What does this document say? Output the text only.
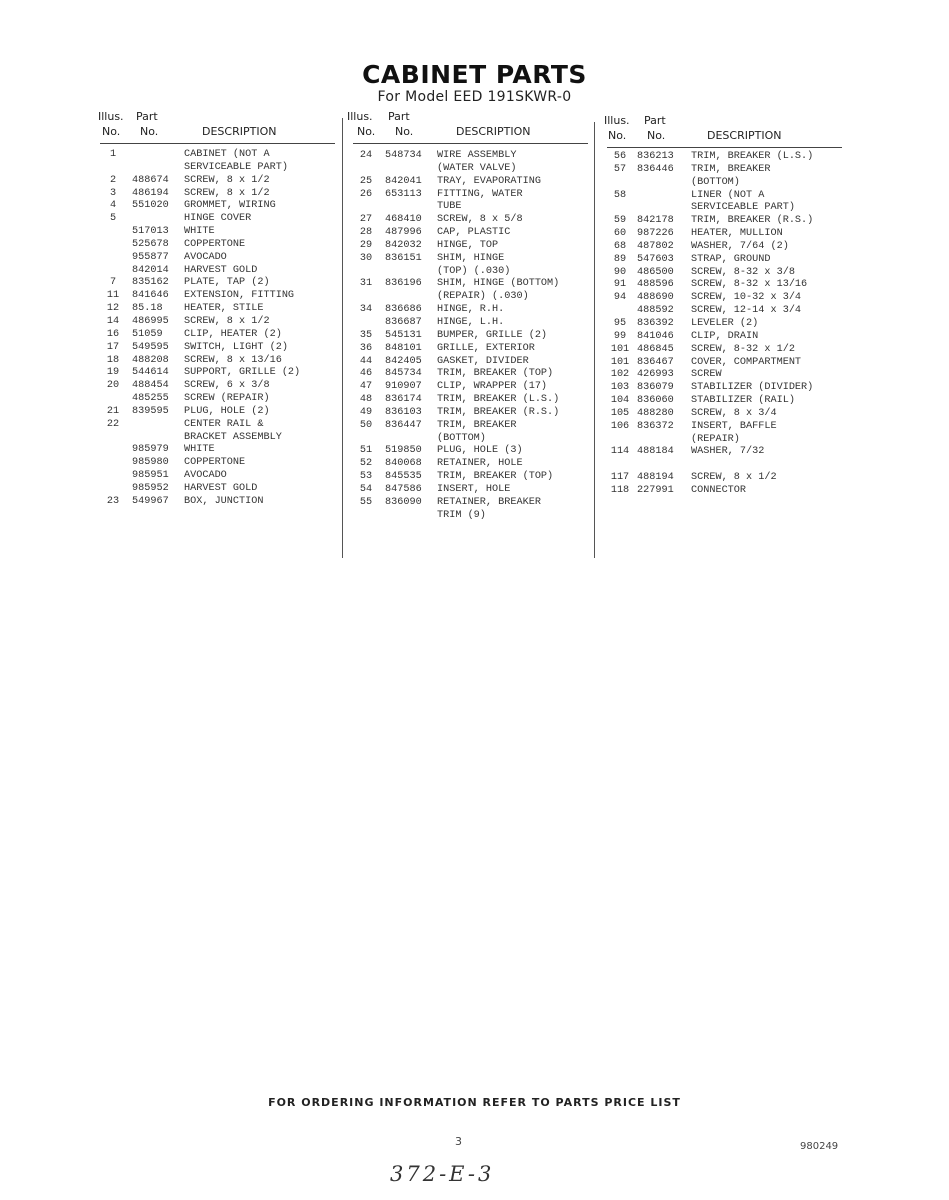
CABINET PARTS
For Model EED 191SKWR-0
Illus. Part
No. No.	DESCRIPTION
1	CABINET (NOT A
SERVICEABLE PART)
2	488674 SCREW, 8 x 1/2
3	486194 SCREW, 8 x 1/2
4	551020 GROMMET, WIRING
5	HINGE COVER
517013 WHITE
525678 COPPERTONE
955877 AVOCADO
842014 HARVEST GOLD
7	835162 PLATE, TAP (2)
11	841646 EXTENSION, FITTING
12	85.18 HEATER, STILE
14	486995 SCREW, 8 x 1/2
16	51059 CLIP, HEATER (2)
17	549595 SWITCH, LIGHT (2)
18	488208 SCREW, 8 x 13/16
19	544614 SUPPORT, GRILLE (2)
20	488454 SCREW, 6 x 3/8
485255 SCREW (REPAIR)
21	839595 PLUG, HOLE (2)
22	CENTER RAIL &
BRACKET ASSEMBLY
985979 WHITE
985980 COPPERTONE
985951 AVOCADO
985952 HARVEST GOLD
23	549967 BOX, JUNCTION
Illus. Part
No. No.	DESCRIPTION
24	548734 WIRE ASSEMBLY
(WATER VALVE)
25	842041 TRAY, EVAPORATING
26	653113 FITTING, WATER
TUBE
27	468410 SCREW, 8 x 5/8
28	487996 CAP, PLASTIC
29	842032 HINGE, TOP
30	836151 SHIM, HINGE
(TOP) (.030)
31	836196 SHIM, HINGE (BOTTOM)
(REPAIR) (.030)
34	836686 HINGE, R.H.
836687 HINGE, L.H.
35	545131 BUMPER, GRILLE (2)
36	848101 GRILLE, EXTERIOR
44	842405 GASKET, DIVIDER
46	845734 TRIM, BREAKER (TOP)
47	910907 CLIP, WRAPPER (17)
48	836174 TRIM, BREAKER (L.S.)
49	836103 TRIM, BREAKER (R.S.)
50	836447 TRIM, BREAKER
(BOTTOM)
51	519850 PLUG, HOLE (3)
52	840068 RETAINER, HOLE
53	845535 TRIM, BREAKER (TOP)
54	847586 INSERT, HOLE
55	836090 RETAINER, BREAKER
TRIM (9)
Illus. Part
No. No.	DESCRIPTION
56	836213 TRIM, BREAKER (L.S.)
57	836446 TRIM, BREAKER
(BOTTOM)
58	LINER (NOT A
SERVICEABLE PART)
59	842178 TRIM, BREAKER (R.S.)
60	987226 HEATER, MULLION
68	487802 WASHER, 7/64 (2)
89	547603 STRAP, GROUND
90	486500 SCREW, 8-32 x 3/8
91	488596 SCREW, 8-32 x 13/16
94	488690 SCREW, 10-32 x 3/4
488592 SCREW, 12-14 x 3/4
95	836392 LEVELER (2)
99	841046 CLIP, DRAIN
101 486845 SCREW, 8-32 x 1/2
101 836467 COVER, COMPARTMENT
102 426993 SCREW
103 836079 STABILIZER (DIVIDER)
104 836060 STABILIZER (RAIL)
105 488280 SCREW, 8 x 3/4
106 836372 INSERT, BAFFLE
(REPAIR)
114 488184 WASHER, 7/32
117 488194 SCREW, 8 x 1/2
118 227991 CONNECTOR
FOR ORDERING INFORMATION REFER TO PARTS PRICE LIST
3	980249
372-E-3
